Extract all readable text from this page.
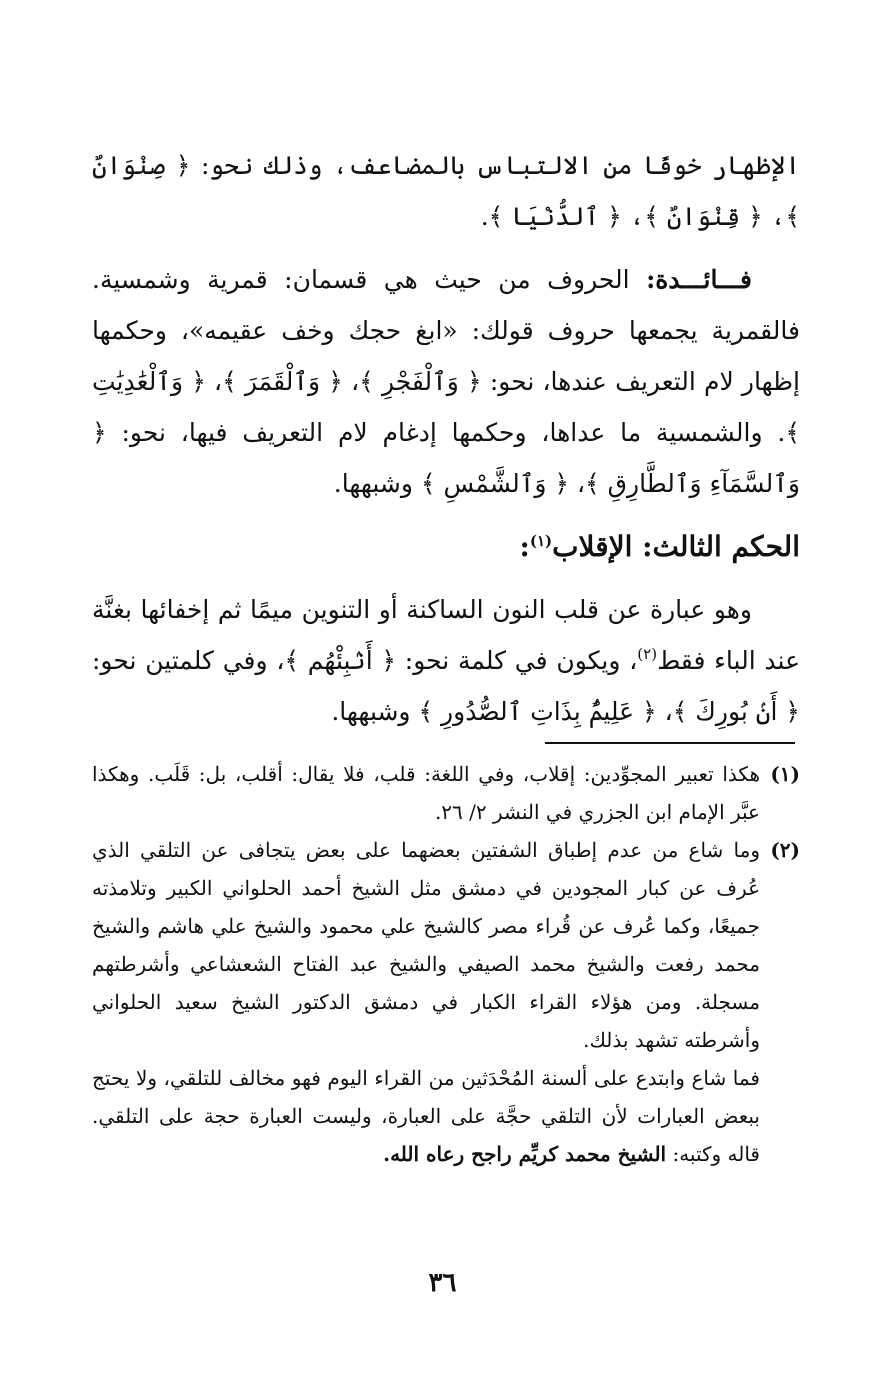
الإظهار خوفًا من الالتباس بالمضاعف، وذلك نحو: ﴿ صِنْوَانٌ ﴾، ﴿ قِنْوَانٌ ﴾، ﴿ ٱلدُّنْيَا ﴾.

فـــائـــدة: الحروف من حيث هي قسمان: قمرية وشمسية. فالقمرية يجمعها حروف قولك: «ابغ حجك وخف عقيمه»، وحكمها إظهار لام التعريف عندها، نحو: ﴿ وَٱلْفَجْرِ ﴾، ﴿ وَٱلْقَمَرَ ﴾، ﴿ وَٱلْعَٰدِيَٰتِ ﴾. والشمسية ما عداها، وحكمها إدغام لام التعريف فيها، نحو: ﴿ وَٱلسَّمَآءِ وَٱلطَّارِقِ ﴾، ﴿ وَٱلشَّمْسِ ﴾ وشبهها.

الحكم الثالث: الإقلاب$^{(١)}$:

وهو عبارة عن قلب النون الساكنة أو التنوين ميمًا ثم إخفائها بغنَّة عند الباء فقط$^{(٢)}$، ويكون في كلمة نحو: ﴿ أَنۢبِئْهُم ﴾، وفي كلمتين نحو: ﴿ أَنۢ بُورِكَ ﴾، ﴿ عَلِيمٌۢ بِذَاتِ ٱلصُّدُورِ ﴾ وشبهها.

(١)

هكذا تعبير المجوِّدين: إقلاب، وفي اللغة: قلب، فلا يقال: أقلب، بل: قَلَب. وهكذا عبَّر الإمام ابن الجزري في النشر ٢/ ٢٦.

(٢)

وما شاع من عدم إطباق الشفتين بعضهما على بعض يتجافى عن التلقي الذي عُرف عن كبار المجودين في دمشق مثل الشيخ أحمد الحلواني الكبير وتلامذته جميعًا، وكما عُرف عن قُراء مصر كالشيخ علي محمود والشيخ علي هاشم والشيخ محمد رفعت والشيخ محمد الصيفي والشيخ عبد الفتاح الشعشاعي وأشرطتهم مسجلة. ومن هؤلاء القراء الكبار في دمشق الدكتور الشيخ سعيد الحلواني وأشرطته تشهد بذلك.

فما شاع وابتدع على ألسنة المُحْدَثين من القراء اليوم فهو مخالف للتلقي، ولا يحتج ببعض العبارات لأن التلقي حجَّة على العبارة، وليست العبارة حجة على التلقي. قاله وكتبه: الشيخ محمد كريِّم راجح رعاه الله.

٣٦
